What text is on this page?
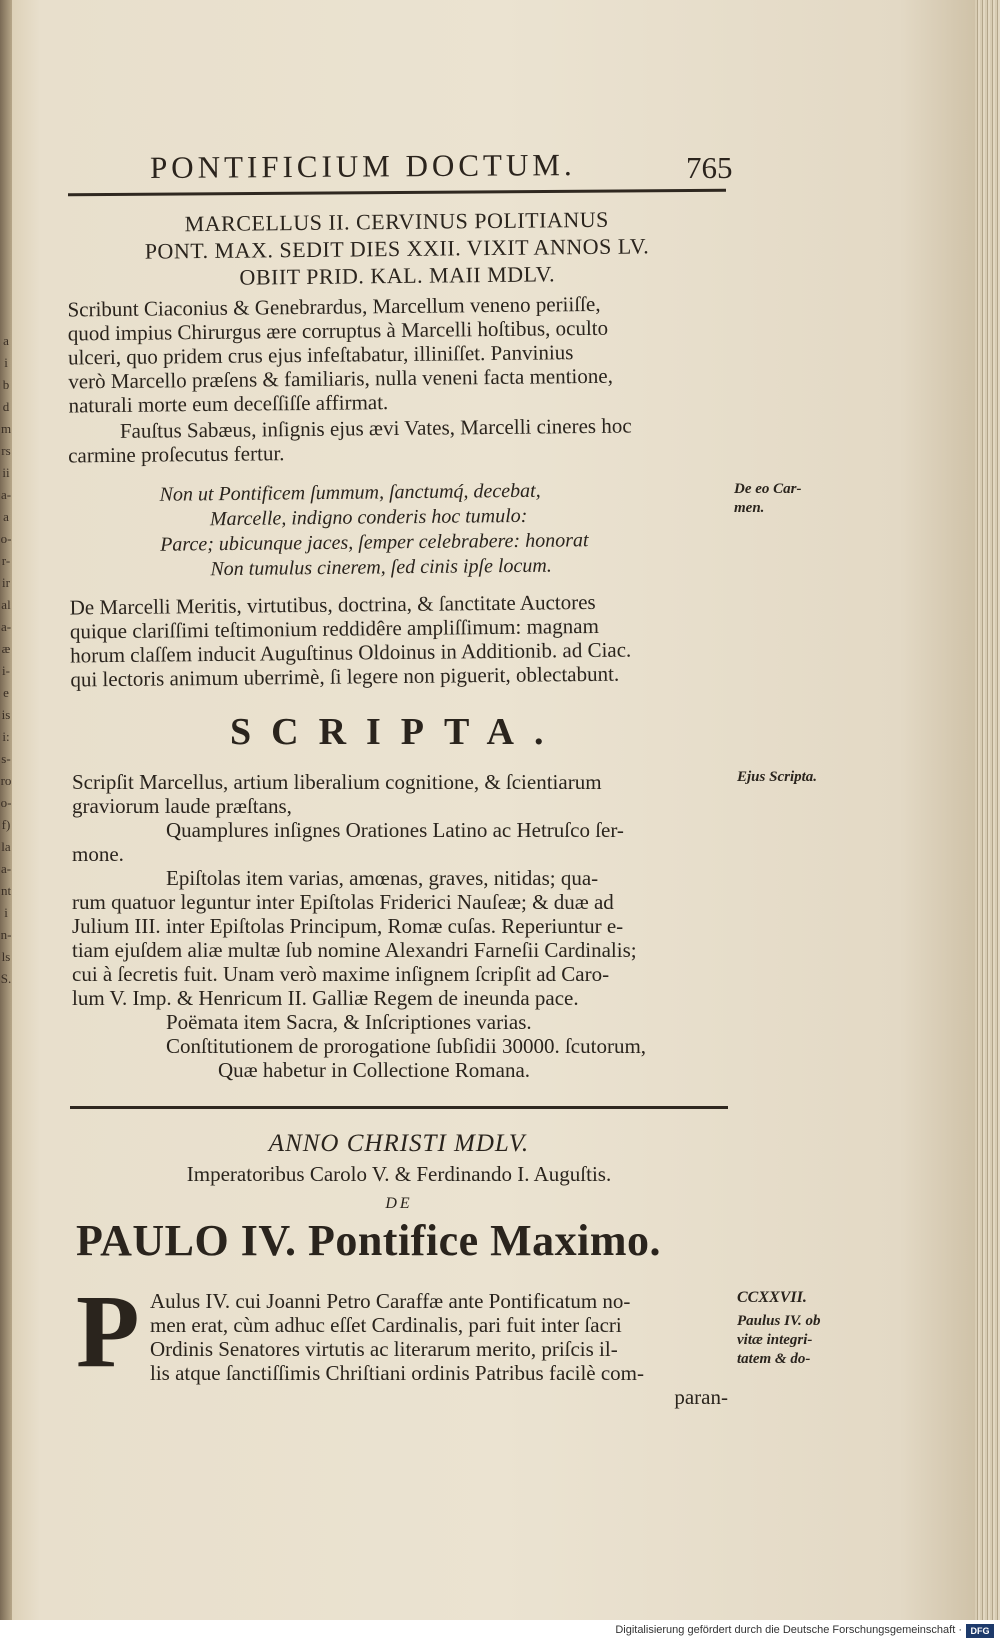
a
i
b
d
m
rs
ii
a-
a
o-
r-
ir
al
a-
æ
i-
e
is
i:
s-
ro
o-
f)
la
a-
nt
i
n-
ls
S.
PONTIFICIUM DOCTUM.	765
MARCELLUS II. CERVINUS POLITIANUS
PONT. MAX. SEDIT DIES XXII. VIXIT ANNOS LV.
OBIIT PRID. KAL. MAII MDLV.
Scribunt Ciaconius & Genebrardus, Marcellum veneno periiſſe,
quod impius Chirurgus ære corruptus à Marcelli hoſtibus, oculto
ulceri, quo pridem crus ejus infeſtabatur, illiniſſet. Panvinius
verò Marcello præſens & familiaris, nulla veneni facta mentione,
naturali morte eum deceſſiſſe affirmat.
Fauſtus Sabæus, inſignis ejus ævi Vates, Marcelli cineres hoc
carmine proſecutus fertur.
Non ut Pontificem ſummum, ſanctumq́, decebat,
Marcelle, indigno conderis hoc tumulo:
Parce; ubicunque jaces, ſemper celebrabere: honorat
Non tumulus cinerem, ſed cinis ipſe locum.
De eo Car-
men.
De Marcelli Meritis, virtutibus, doctrina, & ſanctitate Auctores
quique clariſſimi teſtimonium reddidêre ampliſſimum: magnam
horum claſſem inducit Auguſtinus Oldoinus in Additionib. ad Ciac.
qui lectoris animum uberrimè, ſi legere non piguerit, oblectabunt.
SCRIPTA.
Scripſit Marcellus, artium liberalium cognitione, & ſcientiarum
graviorum laude præſtans,
Quamplures inſignes Orationes Latino ac Hetruſco ſer-
mone.
Epiſtolas item varias, amœnas, graves, nitidas; qua-
rum quatuor leguntur inter Epiſtolas Friderici Nauſeæ; & duæ ad
Julium III. inter Epiſtolas Principum, Romæ cuſas. Reperiuntur e-
tiam ejuſdem aliæ multæ ſub nomine Alexandri Farneſii Cardinalis;
cui à ſecretis fuit. Unam verò maxime inſignem ſcripſit ad Caro-
lum V. Imp. & Henricum II. Galliæ Regem de ineunda pace.
Poëmata item Sacra, & Inſcriptiones varias.
Conſtitutionem de prorogatione ſubſidii 30000. ſcutorum,
Quæ habetur in Collectione Romana.
Ejus Scripta.
ANNO CHRISTI MDLV.
Imperatoribus Carolo V. & Ferdinando I. Auguſtis.
DE
PAULO IV. Pontifice Maximo.
P Aulus IV. cui Joanni Petro Caraffæ ante Pontificatum no-
men erat, cùm adhuc eſſet Cardinalis, pari fuit inter ſacri
Ordinis Senatores virtutis ac literarum merito, priſcis il-
lis atque ſanctiſſimis Chriſtiani ordinis Patribus facilè com-
paran-
CCXXVII.
Paulus IV. ob
vitæ integri-
tatem & do-
Digitalisierung gefördert durch die Deutsche Forschungsgemeinschaft · DFG
